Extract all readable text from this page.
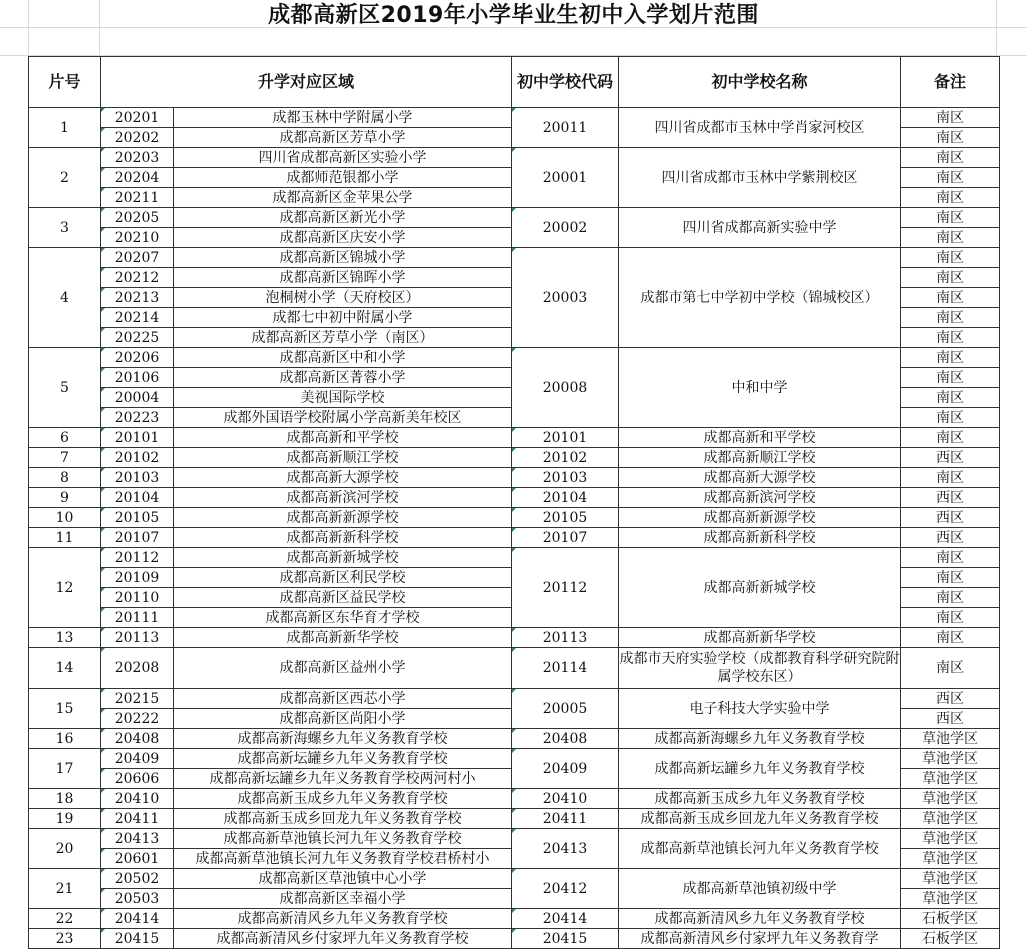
成都高新区2019年小学毕业生初中入学划片范围
片号	升学对应区域		初中学校代码	初中学校名称	备注
1	20201	成都玉林中学附属小学	20011	四川省成都市玉林中学肖家河校区	南区
	20202	成都高新区芳草小学			南区
2	20203	四川省成都高新区实验小学	20001	四川省成都市玉林中学紫荆校区	南区
	20204	成都师范银都小学			南区
	20211	成都高新区金苹果公学			南区
3	20205	成都高新区新光小学	20002	四川省成都高新实验中学	南区
	20210	成都高新区庆安小学			南区
4	20207	成都高新区锦城小学	20003	成都市第七中学初中学校（锦城校区）	南区
	20212	成都高新区锦晖小学			南区
	20213	泡桐树小学（天府校区）			南区
	20214	成都七中初中附属小学			南区
	20225	成都高新区芳草小学（南区）			南区
5	20206	成都高新区中和小学	20008	中和中学	南区
	20106	成都高新区菁蓉小学			南区
	20004	美视国际学校			南区
	20223	成都外国语学校附属小学高新美年校区			南区
6	20101	成都高新和平学校	20101	成都高新和平学校	南区
7	20102	成都高新顺江学校	20102	成都高新顺江学校	西区
8	20103	成都高新大源学校	20103	成都高新大源学校	南区
9	20104	成都高新滨河学校	20104	成都高新滨河学校	西区
10	20105	成都高新新源学校	20105	成都高新新源学校	西区
11	20107	成都高新新科学校	20107	成都高新新科学校	西区
12	20112	成都高新新城学校	20112	成都高新新城学校	南区
	20109	成都高新区利民学校			南区
	20110	成都高新区益民学校			南区
	20111	成都高新区东华育才学校			南区
13	20113	成都高新新华学校	20113	成都高新新华学校	南区
14	20208	成都高新区益州小学	20114	成都市天府实验学校（成都教育科学研究院附属学校东区）	南区
15	20215	成都高新区西芯小学	20005	电子科技大学实验中学	西区
	20222	成都高新区尚阳小学			西区
16	20408	成都高新海螺乡九年义务教育学校	20408	成都高新海螺乡九年义务教育学校	草池学区
17	20409	成都高新坛罐乡九年义务教育学校	20409	成都高新坛罐乡九年义务教育学校	草池学区
	20606	成都高新坛罐乡九年义务教育学校两河村小			草池学区
18	20410	成都高新玉成乡九年义务教育学校	20410	成都高新玉成乡九年义务教育学校	草池学区
19	20411	成都高新玉成乡回龙九年义务教育学校	20411	成都高新玉成乡回龙九年义务教育学校	草池学区
20	20413	成都高新草池镇长河九年义务教育学校	20413	成都高新草池镇长河九年义务教育学校	草池学区
	20601	成都高新草池镇长河九年义务教育学校君桥村小			草池学区
21	20502	成都高新区草池镇中心小学	20412	成都高新草池镇初级中学	草池学区
	20503	成都高新区幸福小学			草池学区
22	20414	成都高新清风乡九年义务教育学校	20414	成都高新清风乡九年义务教育学校	石板学区
23	20415	成都高新清风乡付家坪九年义务教育学校	20415	成都高新清风乡付家坪九年义务教育学	石板学区
